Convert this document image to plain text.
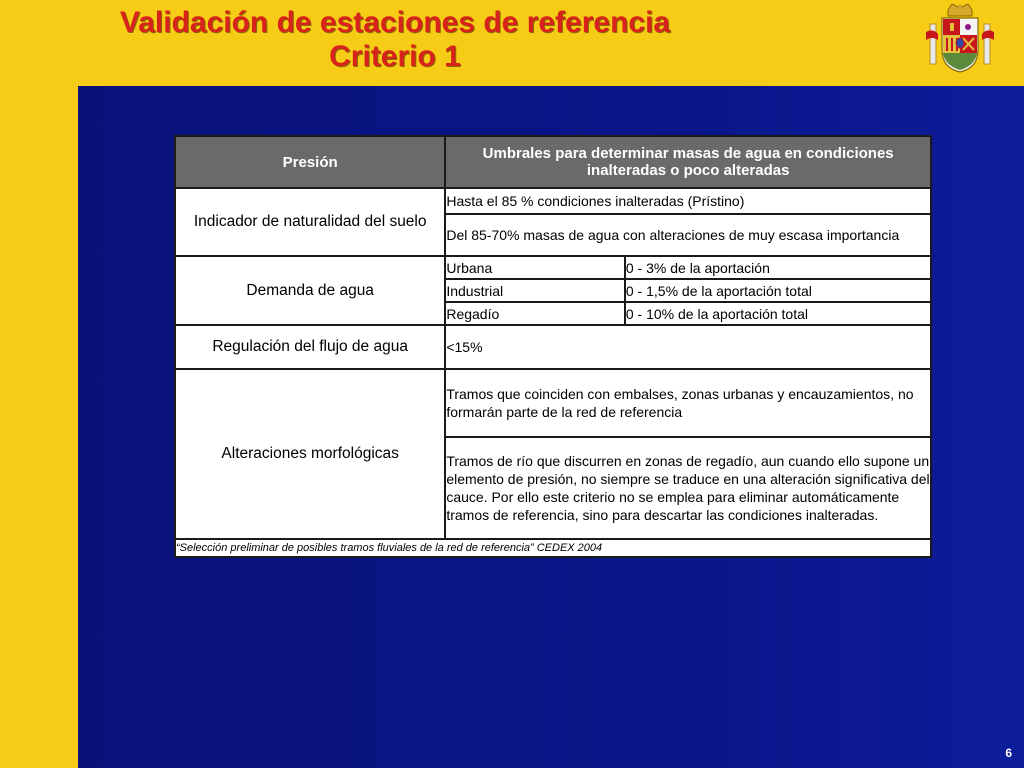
Validación de estaciones de referencia
Criterio 1
Presión	Umbrales para determinar masas de agua en condiciones inalteradas o poco alteradas	
Indicador de naturalidad del suelo	Hasta el 85 % condiciones inalteradas (Prístino)	
	Del 85-70% masas de agua con alteraciones de muy escasa importancia	
Demanda de agua	Urbana	0 - 3% de la aportación
	Industrial	0 - 1,5% de la aportación total
	Regadío	0 - 10% de la aportación total
Regulación del flujo de agua	<15%	
Alteraciones morfológicas	Tramos que coinciden con embalses, zonas urbanas y encauzamientos, no formarán parte de la red de referencia	
	Tramos de río que discurren en zonas de regadío, aun cuando ello supone un elemento de presión, no siempre se traduce en una alteración significativa del cauce. Por ello este criterio no se emplea para eliminar automáticamente tramos de referencia, sino para descartar las condiciones inalteradas.	
“Selección preliminar de posibles tramos fluviales de la red de referencia” CEDEX 2004		
6
